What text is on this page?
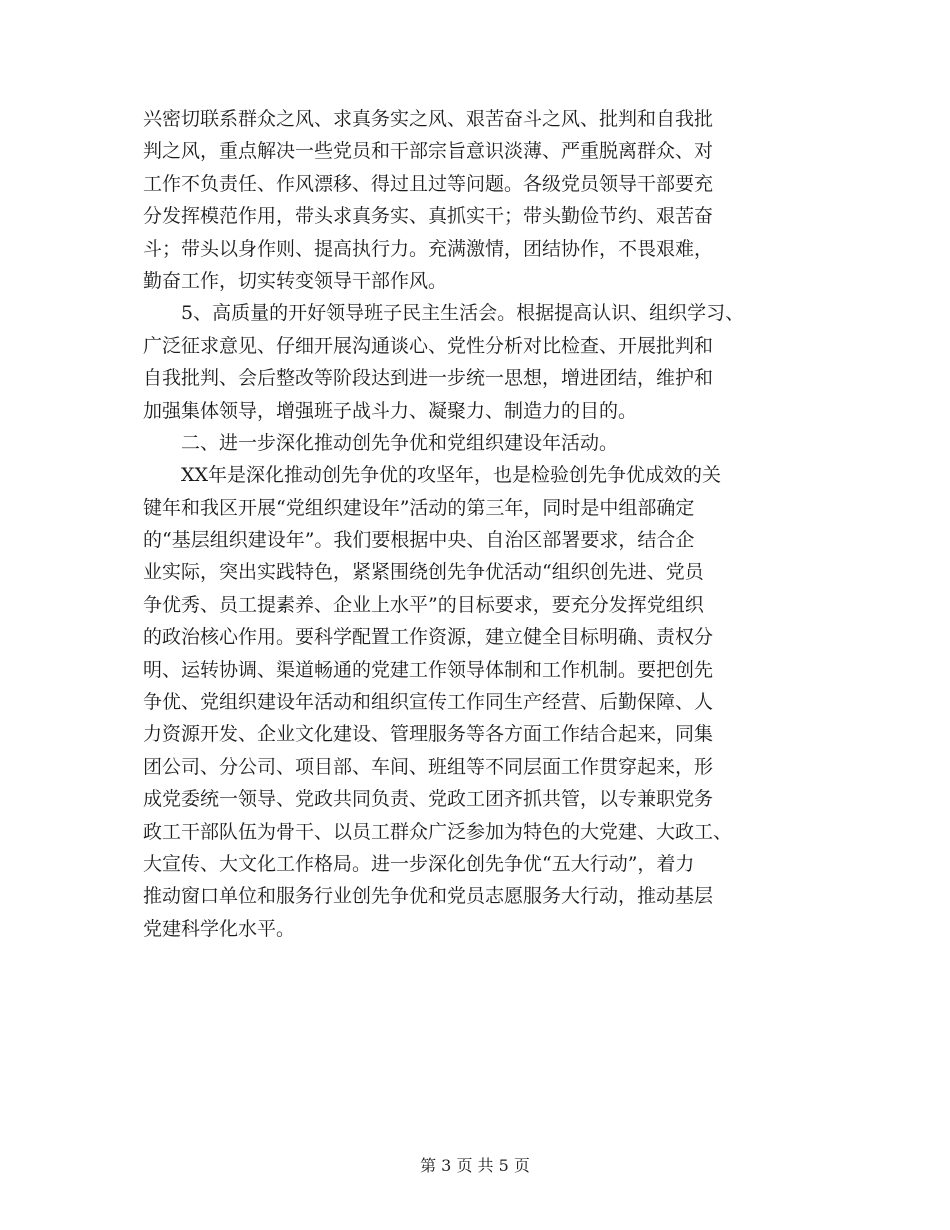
兴密切联系群众之风、求真务实之风、艰苦奋斗之风、批判和自我批
判之风，重点解决一些党员和干部宗旨意识淡薄、严重脱离群众、对
工作不负责任、作风漂移、得过且过等问题。各级党员领导干部要充
分发挥模范作用，带头求真务实、真抓实干；带头勤俭节约、艰苦奋
斗；带头以身作则、提高执行力。充满激情，团结协作，不畏艰难，
勤奋工作，切实转变领导干部作风。
　　5、高质量的开好领导班子民主生活会。根据提高认识、组织学习、
广泛征求意见、仔细开展沟通谈心、党性分析对比检查、开展批判和
自我批判、会后整改等阶段达到进一步统一思想，增进团结，维护和
加强集体领导，增强班子战斗力、凝聚力、制造力的目的。
　　二、进一步深化推动创先争优和党组织建设年活动。
　　XX年是深化推动创先争优的攻坚年，也是检验创先争优成效的关
键年和我区开展“党组织建设年”活动的第三年，同时是中组部确定
的“基层组织建设年”。我们要根据中央、自治区部署要求，结合企
业实际，突出实践特色，紧紧围绕创先争优活动“组织创先进、党员
争优秀、员工提素养、企业上水平”的目标要求，要充分发挥党组织
的政治核心作用。要科学配置工作资源，建立健全目标明确、责权分
明、运转协调、渠道畅通的党建工作领导体制和工作机制。要把创先
争优、党组织建设年活动和组织宣传工作同生产经营、后勤保障、人
力资源开发、企业文化建设、管理服务等各方面工作结合起来，同集
团公司、分公司、项目部、车间、班组等不同层面工作贯穿起来，形
成党委统一领导、党政共同负责、党政工团齐抓共管，以专兼职党务
政工干部队伍为骨干、以员工群众广泛参加为特色的大党建、大政工、
大宣传、大文化工作格局。进一步深化创先争优“五大行动”，着力
推动窗口单位和服务行业创先争优和党员志愿服务大行动，推动基层
党建科学化水平。
第 3 页 共 5 页
